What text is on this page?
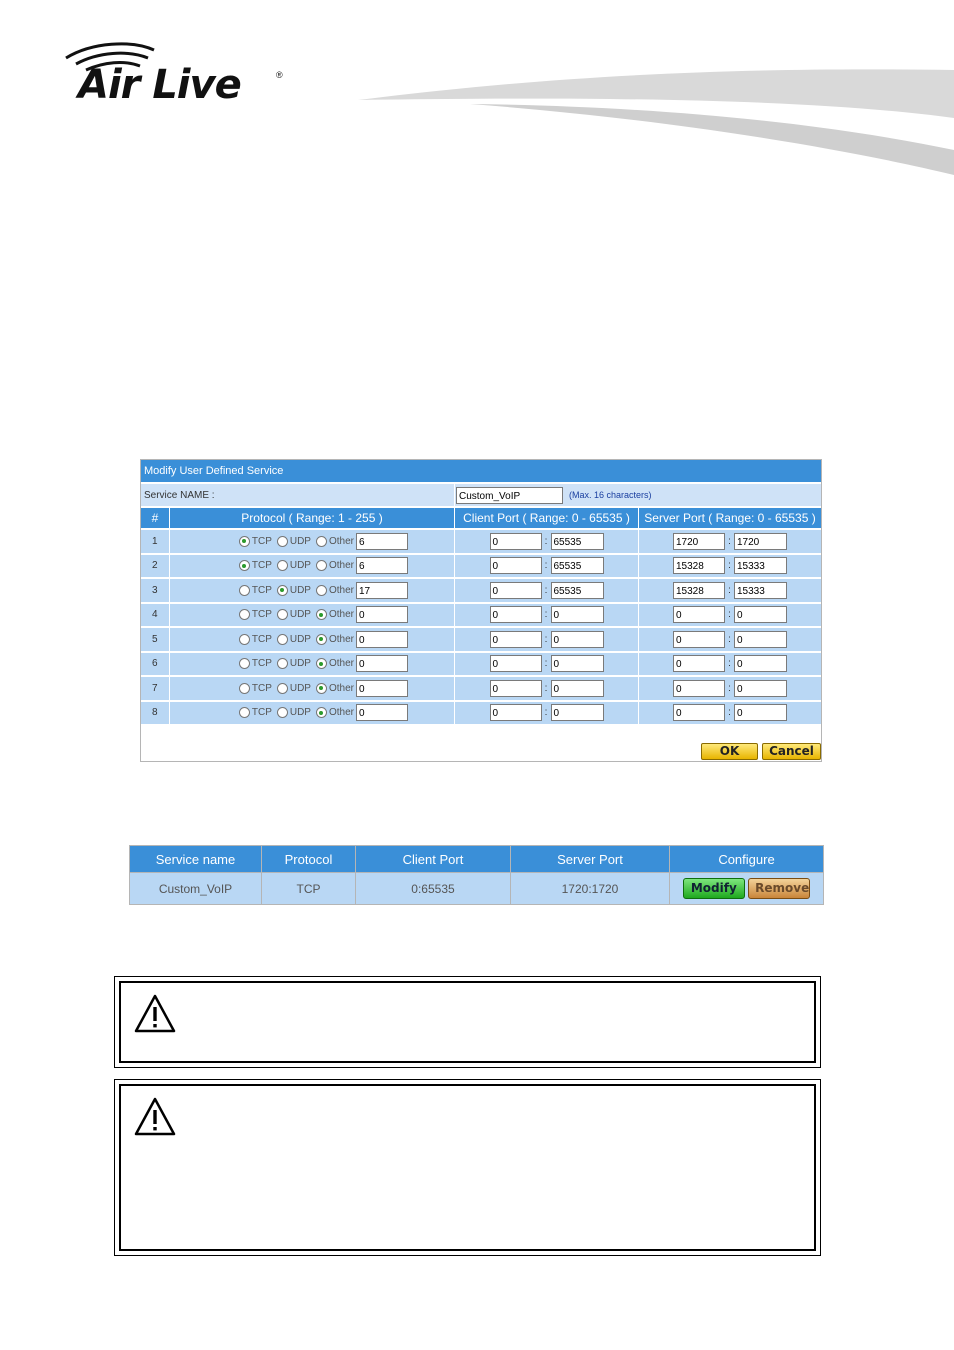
Air Live	®
Modify User Defined Service
Service NAME :		Custom_VoIP (Max. 16 characters)	
#	Protocol ( Range: 1 - 255 )	Client Port ( Range: 0 - 65535 )	Server Port ( Range: 0 - 65535 )
1	TCP UDP Other 6	0 : 65535	1720 : 1720
2	TCP UDP Other 6	0 : 65535	15328 : 15333
3	TCP UDP Other 17	0 : 65535	15328 : 15333
4	TCP UDP Other 0	0 : 0	0 : 0
5	TCP UDP Other 0	0 : 0	0 : 0
6	TCP UDP Other 0	0 : 0	0 : 0
7	TCP UDP Other 0	0 : 0	0 : 0
8	TCP UDP Other 0	0 : 0	0 : 0
OK	Cancel
Service name	Protocol	Client Port	Server Port	Configure
Custom_VoIP	TCP	0:65535	1720:1720	Modify Remove
